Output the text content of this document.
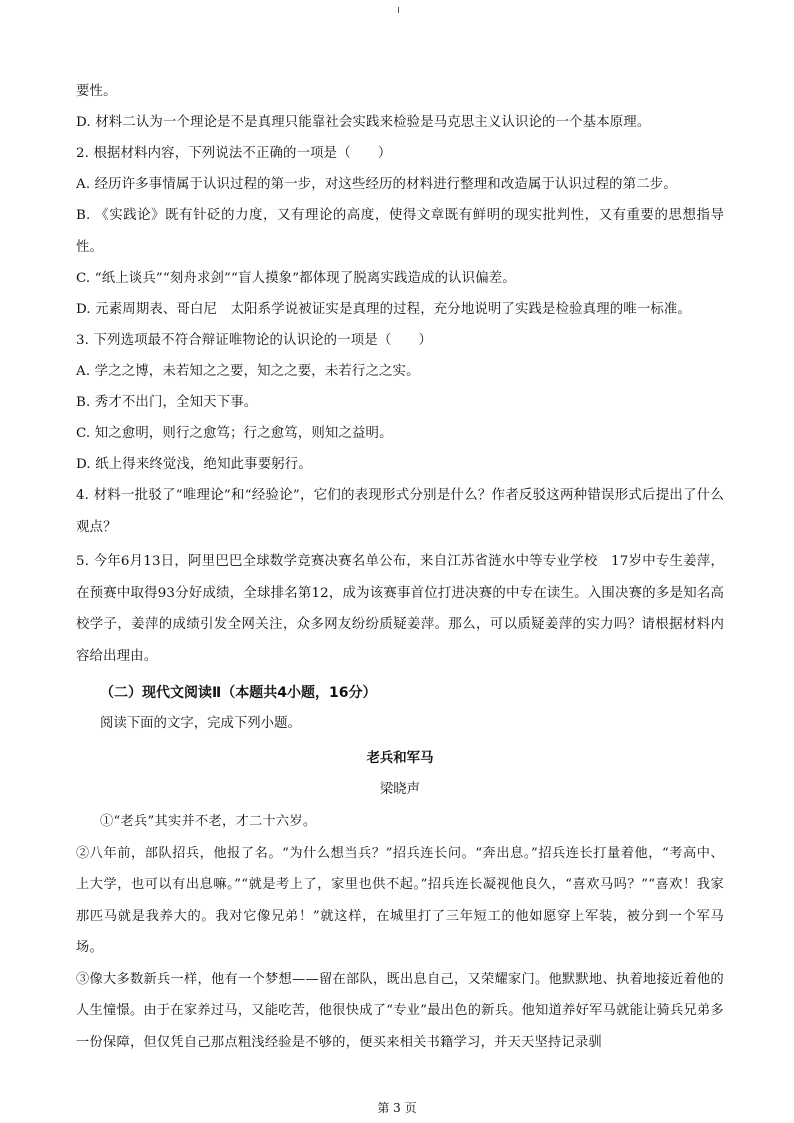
要性。
D. 材料二认为一个理论是不是真理只能靠社会实践来检验是马克思主义认识论的一个基本原理。
2. 根据材料内容，下列说法不正确的一项是（　　）
A. 经历许多事情属于认识过程的第一步，对这些经历的材料进行整理和改造属于认识过程的第二步。
B. 《实践论》既有针砭的力度，又有理论的高度，使得文章既有鲜明的现实批判性，又有重要的思想指导性。
C. “纸上谈兵”“刻舟求剑”“盲人摸象”都体现了脱离实践造成的认识偏差。
D. 元素周期表、哥白尼　太阳系学说被证实是真理的过程，充分地说明了实践是检验真理的唯一标准。
3. 下列选项最不符合辩证唯物论的认识论的一项是（　　）
A. 学之之博，未若知之之要，知之之要，未若行之之实。
B. 秀才不出门，全知天下事。
C. 知之愈明，则行之愈笃；行之愈笃，则知之益明。
D. 纸上得来终觉浅，绝知此事要躬行。
4. 材料一批驳了“唯理论”和“经验论”，它们的表现形式分别是什么？作者反驳这两种错误形式后提出了什么观点？
5. 今年6月13日，阿里巴巴全球数学竞赛决赛名单公布，来自江苏省涟水中等专业学校　17岁中专生姜萍，在预赛中取得93分好成绩，全球排名第12，成为该赛事首位打进决赛的中专在读生。入围决赛的多是知名高校学子，姜萍的成绩引发全网关注，众多网友纷纷质疑姜萍。那么，可以质疑姜萍的实力吗？请根据材料内容给出理由。
（二）现代文阅读Ⅱ（本题共4小题，16分）
阅读下面的文字，完成下列小题。
老兵和军马
梁晓声
①“老兵”其实并不老，才二十六岁。
②八年前，部队招兵，他报了名。“为什么想当兵？”招兵连长问。“奔出息。”招兵连长打量着他，“考高中、上大学，也可以有出息嘛。”“就是考上了，家里也供不起。”招兵连长凝视他良久，“喜欢马吗？”“喜欢！我家那匹马就是我养大的。我对它像兄弟！”就这样，在城里打了三年短工的他如愿穿上军装，被分到一个军马场。
③像大多数新兵一样，他有一个梦想——留在部队，既出息自己，又荣耀家门。他默默地、执着地接近着他的人生憧憬。由于在家养过马，又能吃苦，他很快成了“专业”最出色的新兵。他知道养好军马就能让骑兵兄弟多一份保障，但仅凭自己那点粗浅经验是不够的，便买来相关书籍学习，并天天坚持记录驯
第 3 页
